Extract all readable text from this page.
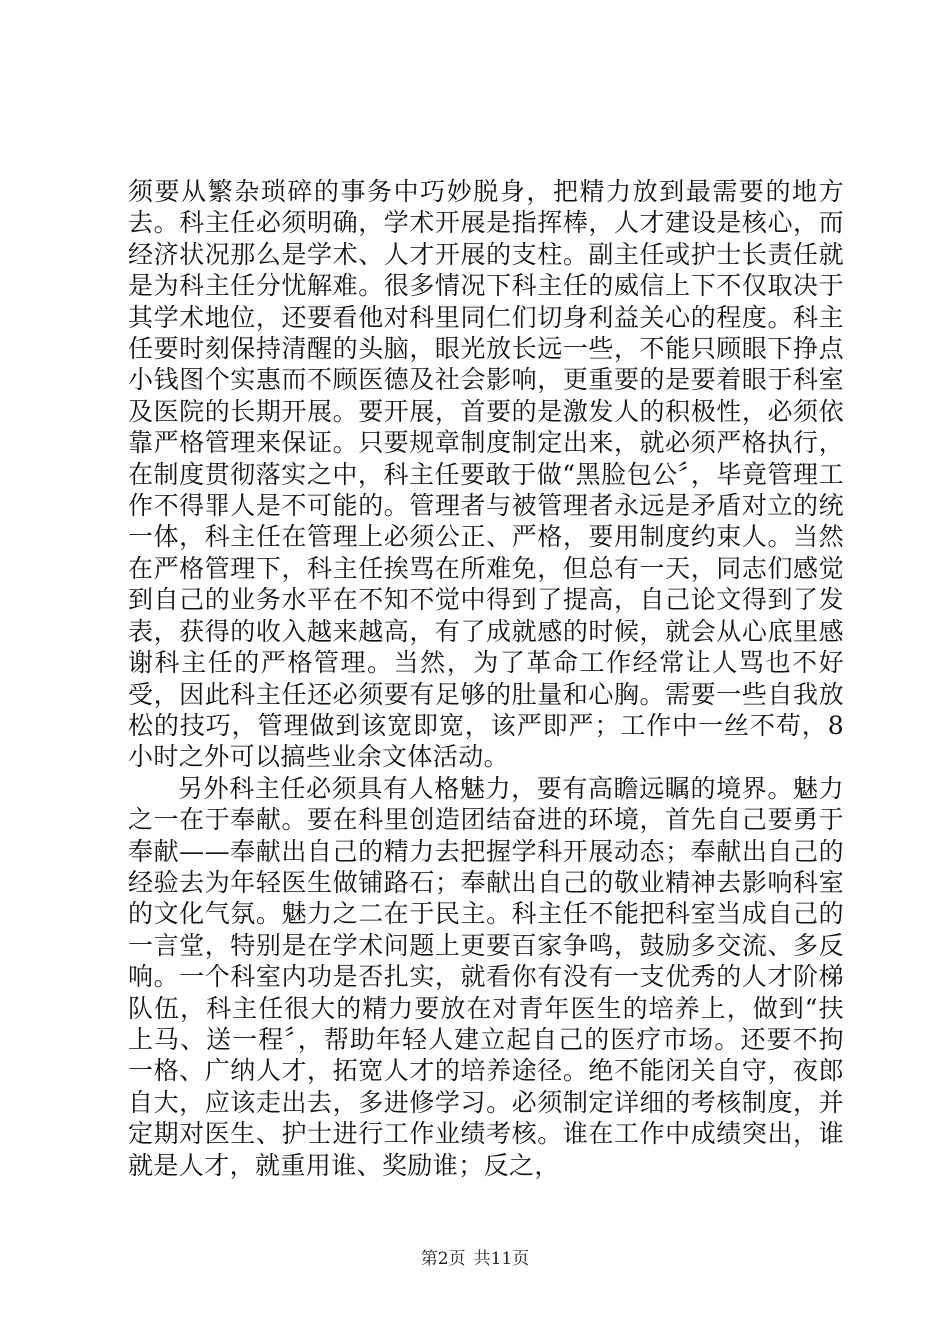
须要从繁杂琐碎的事务中巧妙脱身，把精力放到最需要的地方去。科主任必须明确，学术开展是指挥棒，人才建设是核心，而经济状况那么是学术、人才开展的支柱。副主任或护士长责任就是为科主任分忧解难。很多情况下科主任的威信上下不仅取决于其学术地位，还要看他对科里同仁们切身利益关心的程度。科主任要时刻保持清醒的头脑，眼光放长远一些，不能只顾眼下挣点小钱图个实惠而不顾医德及社会影响，更重要的是要着眼于科室及医院的长期开展。要开展，首要的是激发人的积极性，必须依靠严格管理来保证。只要规章制度制定出来，就必须严格执行，在制度贯彻落实之中，科主任要敢于做“黑脸包公〞，毕竟管理工作不得罪人是不可能的。管理者与被管理者永远是矛盾对立的统一体，科主任在管理上必须公正、严格，要用制度约束人。当然在严格管理下，科主任挨骂在所难免，但总有一天，同志们感觉到自己的业务水平在不知不觉中得到了提高，自己论文得到了发表，获得的收入越来越高，有了成就感的时候，就会从心底里感谢科主任的严格管理。当然，为了革命工作经常让人骂也不好受，因此科主任还必须要有足够的肚量和心胸。需要一些自我放松的技巧，管理做到该宽即宽，该严即严；工作中一丝不苟，8小时之外可以搞些业余文体活动。

另外科主任必须具有人格魅力，要有高瞻远瞩的境界。魅力之一在于奉献。要在科里创造团结奋进的环境，首先自己要勇于奉献——奉献出自己的精力去把握学科开展动态；奉献出自己的经验去为年轻医生做铺路石；奉献出自己的敬业精神去影响科室的文化气氛。魅力之二在于民主。科主任不能把科室当成自己的一言堂，特别是在学术问题上更要百家争鸣，鼓励多交流、多反响。一个科室内功是否扎实，就看你有没有一支优秀的人才阶梯队伍，科主任很大的精力要放在对青年医生的培养上，做到“扶上马、送一程〞，帮助年轻人建立起自己的医疗市场。还要不拘一格、广纳人才，拓宽人才的培养途径。绝不能闭关自守，夜郎自大，应该走出去，多进修学习。必须制定详细的考核制度，并定期对医生、护士进行工作业绩考核。谁在工作中成绩突出，谁就是人才，就重用谁、奖励谁；反之，

第2页 共11页
